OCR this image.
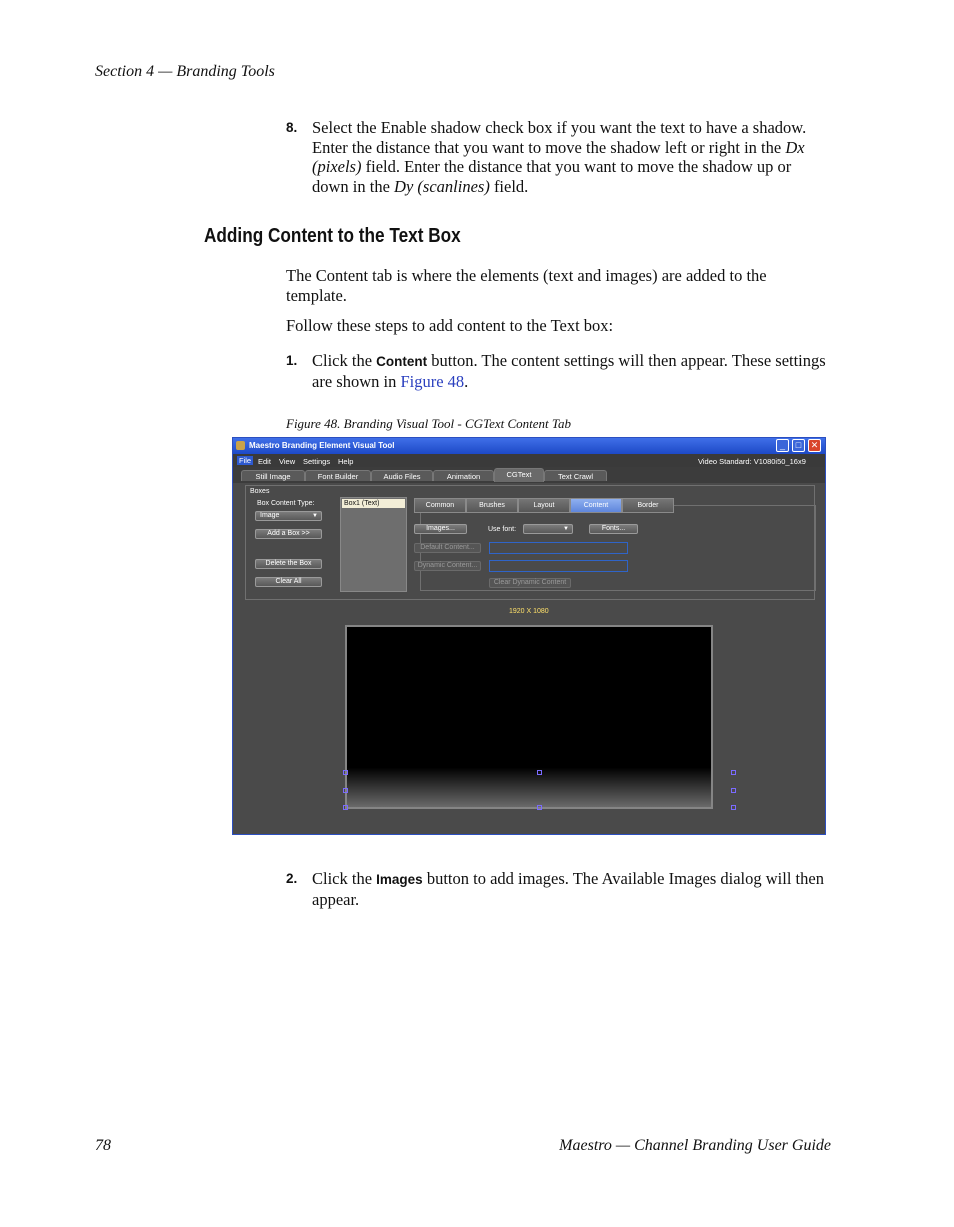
Section 4 — Branding Tools
8. Select the Enable shadow check box if you want the text to have a shadow. Enter the distance that you want to move the shadow left or right in the Dx (pixels) field. Enter the distance that you want to move the shadow up or down in the Dy (scanlines) field.
Adding Content to the Text Box
The Content tab is where the elements (text and images) are added to the template.
Follow these steps to add content to the Text box:
1. Click the Content button. The content settings will then appear. These settings are shown in Figure 48.
Figure 48. Branding Visual Tool - CGText Content Tab
Maestro Branding Element Visual Tool	_	□	✕
File Edit View Settings Help	Video Standard: V1080i50_16x9
Still Image	Font Builder	Audio Files	Animation	CGText	Text Crawl
Boxes
Box Content Type:
Image	▼
Add a Box >>
Delete the Box
Clear All
Box1 (Text)	Common	Brushes	Layout	Content	Border
Images...	Use font:	▼	Fonts...
Default Content...
Dynamic Content...
Clear Dynamic Content
1920 X 1080
2. Click the Images button to add images. The Available Images dialog will then appear.
78	Maestro — Channel Branding User Guide
